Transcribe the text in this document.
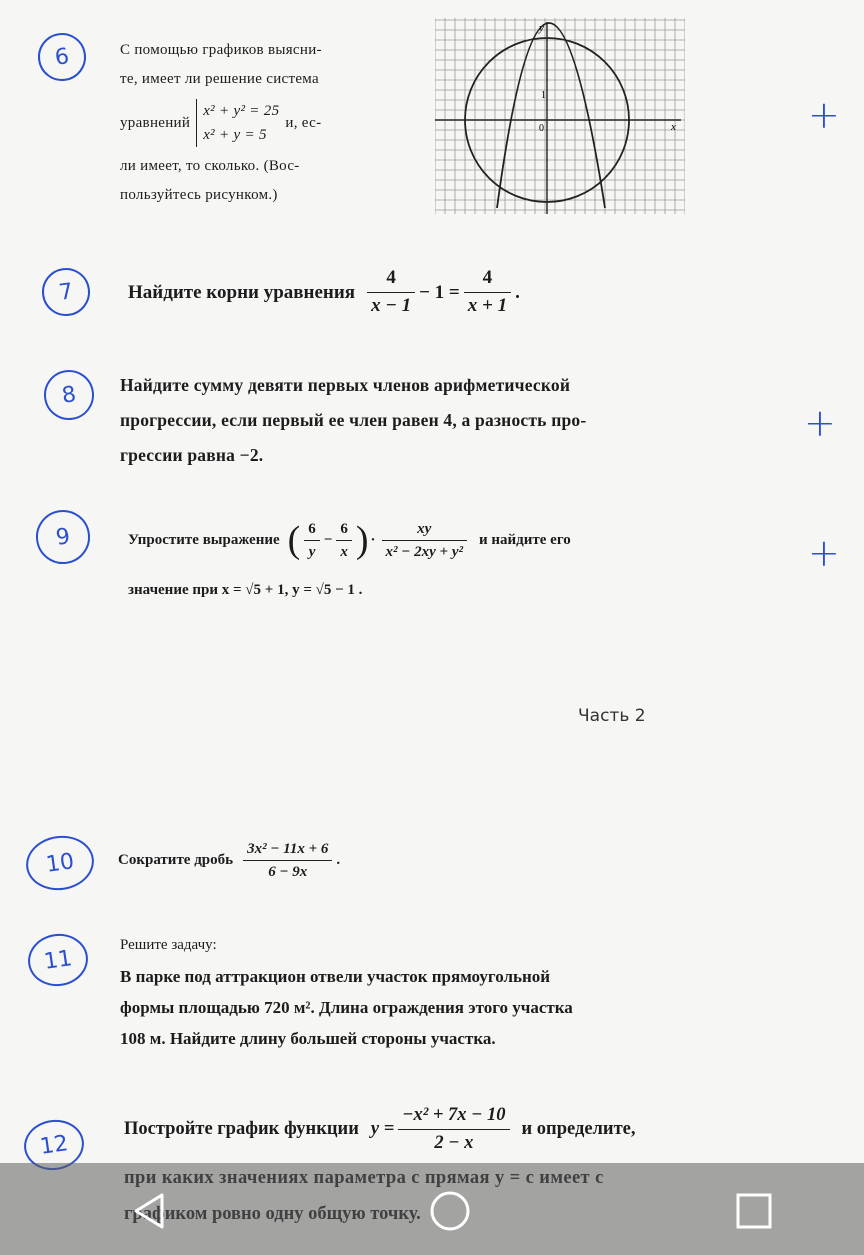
6	С помощью графиков выясни-
те, имеет ли решение система
уравнений
x² + y² = 25
x² + y = 5
и, ес-
ли имеет, то сколько. (Вос-
пользуйтесь рисунком.)
y
x
1
0	+
7	Найдите корни уравнения $\frac{4}{x - 1} - 1 = \frac{4}{x + 1}$ .
8	Найдите сумму девяти первых членов арифметической
прогрессии, если первый ее член равен 4, а разность про-
грессии равна −2.
+
9	Упростите выражение ( $\frac{6}{y} - \frac{6}{x}$ ) · $\frac{xy}{\text{x² − 2xy + y²}}$ и найдите его
значение при x = √5 + 1, y = √5 − 1 .
+
Часть 2
10	Сократите дробь $\frac{\text{3x² − 11x + 6}}{6 - 9x}$ .
11
Решите задачу:
В парке под аттракцион отвели участок прямоугольной
формы площадью 720 м². Длина ограждения этого участка
108 м. Найдите длину большей стороны участка.
12
Постройте график функции $y = \frac{\text{−x² + 7x − 10}}{2 - x}$ и определите,
